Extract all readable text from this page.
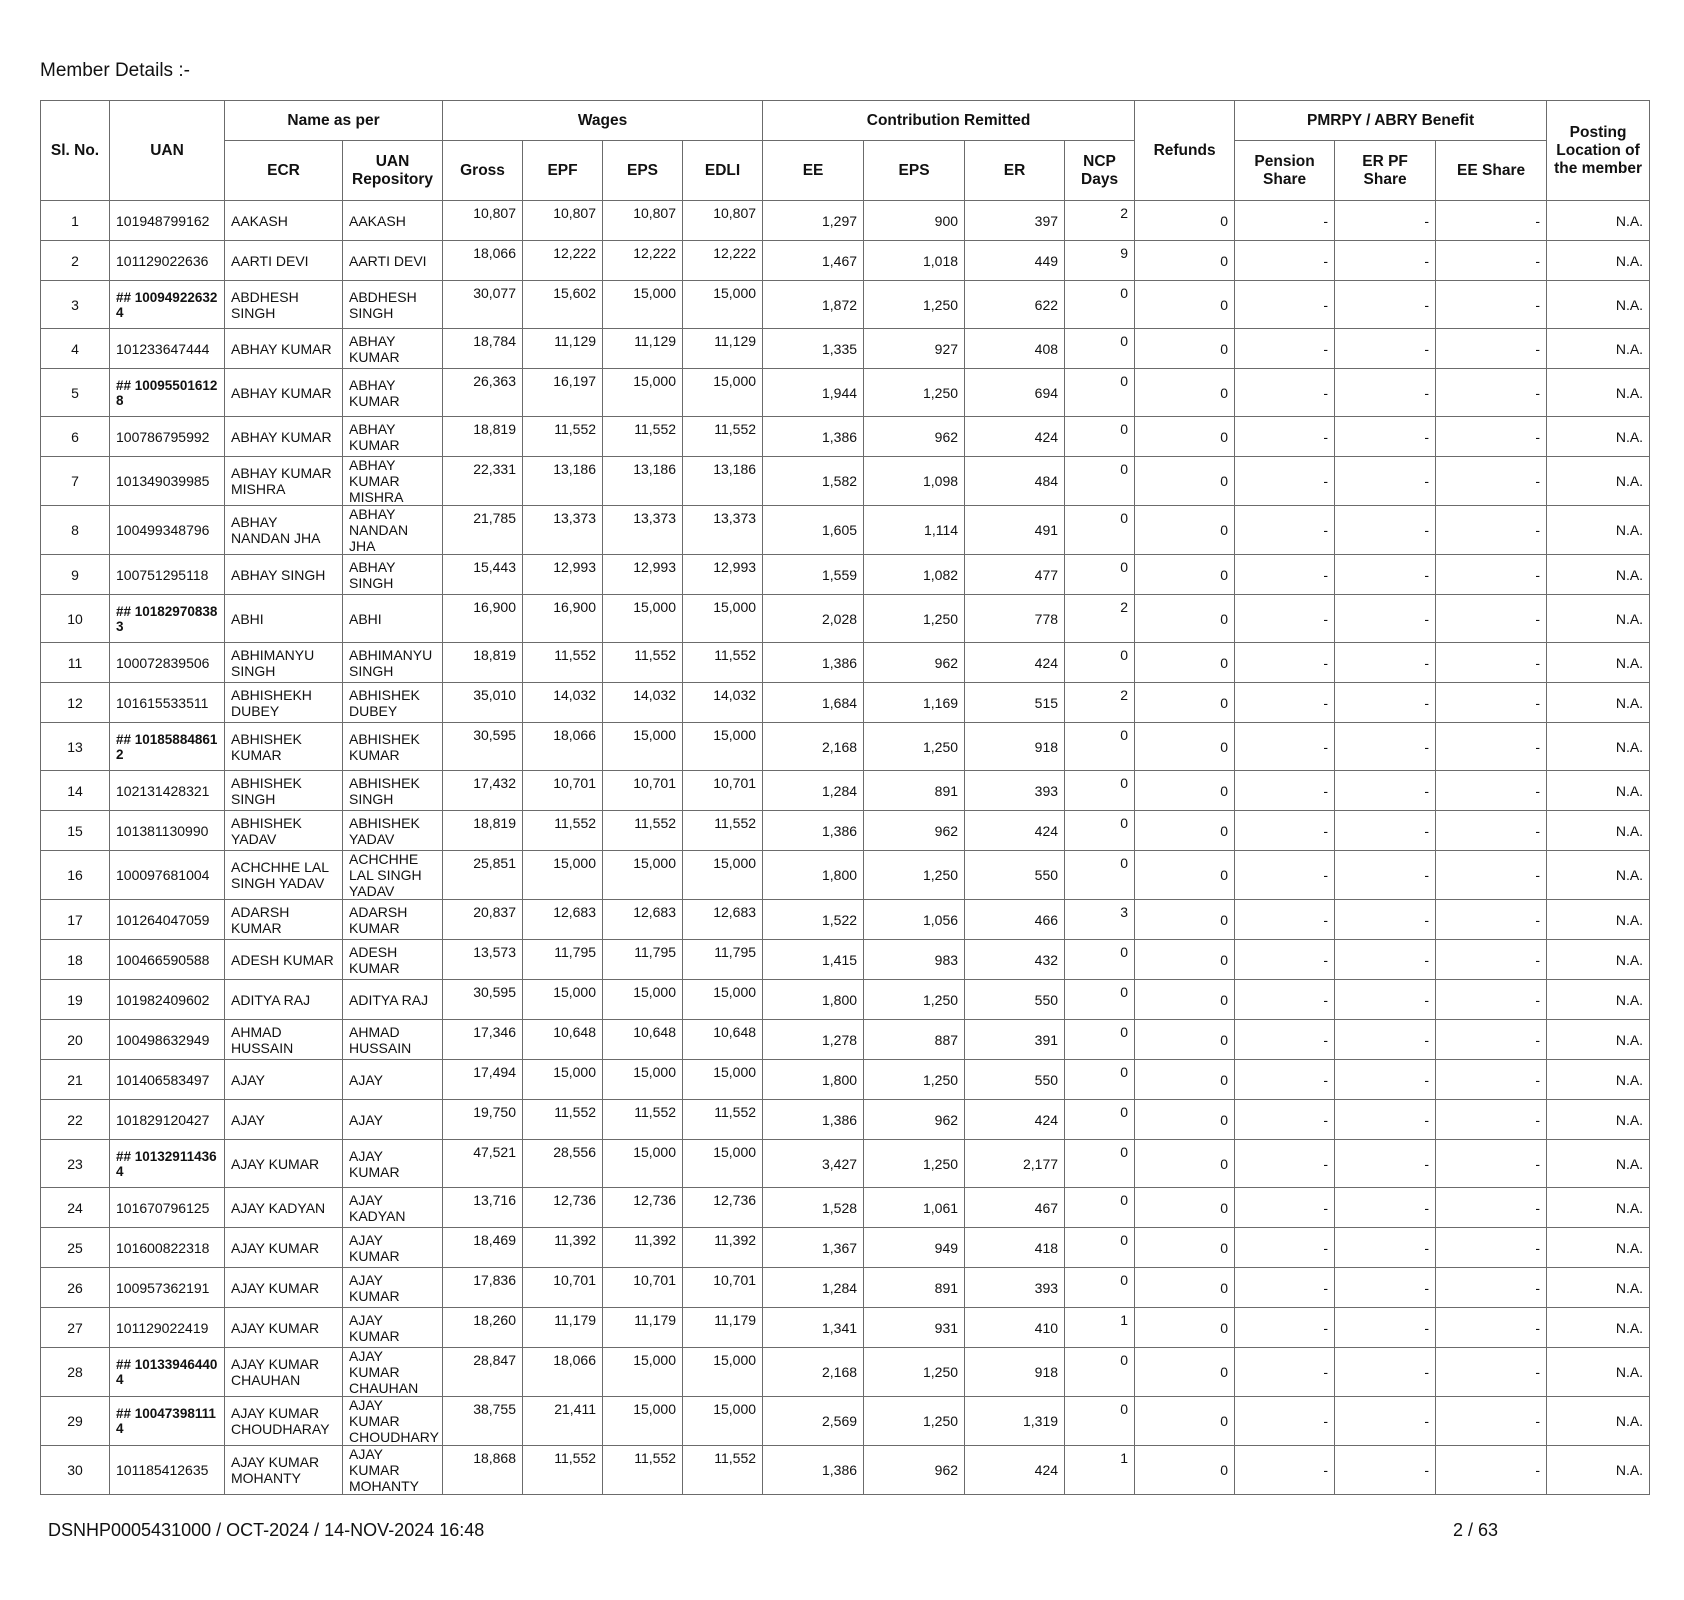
Member Details :-
Sl. No.	UAN	Name as per		Wages				Contribution Remitted				Refunds	PMRPY / ABRY Benefit			Posting Location of the member
		ECR	UAN Repository	Gross	EPF	EPS	EDLI	EE	EPS	ER	NCP Days		Pension Share	ER PF Share	EE Share	
1	101948799162	AAKASH	AAKASH	10,807	10,807	10,807	10,807	1,297	900	397	2	0	-	-	-	N.A.
2	101129022636	AARTI DEVI	AARTI DEVI	18,066	12,222	12,222	12,222	1,467	1,018	449	9	0	-	-	-	N.A.
3	## 10094922632 4	ABDHESH SINGH	ABDHESH SINGH	30,077	15,602	15,000	15,000	1,872	1,250	622	0	0	-	-	-	N.A.
4	101233647444	ABHAY KUMAR	ABHAY KUMAR	18,784	11,129	11,129	11,129	1,335	927	408	0	0	-	-	-	N.A.
5	## 10095501612 8	ABHAY KUMAR	ABHAY KUMAR	26,363	16,197	15,000	15,000	1,944	1,250	694	0	0	-	-	-	N.A.
6	100786795992	ABHAY KUMAR	ABHAY KUMAR	18,819	11,552	11,552	11,552	1,386	962	424	0	0	-	-	-	N.A.
7	101349039985	ABHAY KUMAR MISHRA	ABHAY KUMAR MISHRA	22,331	13,186	13,186	13,186	1,582	1,098	484	0	0	-	-	-	N.A.
8	100499348796	ABHAY NANDAN JHA	ABHAY NANDAN JHA	21,785	13,373	13,373	13,373	1,605	1,114	491	0	0	-	-	-	N.A.
9	100751295118	ABHAY SINGH	ABHAY SINGH	15,443	12,993	12,993	12,993	1,559	1,082	477	0	0	-	-	-	N.A.
10	## 10182970838 3	ABHI	ABHI	16,900	16,900	15,000	15,000	2,028	1,250	778	2	0	-	-	-	N.A.
11	100072839506	ABHIMANYU SINGH	ABHIMANYU SINGH	18,819	11,552	11,552	11,552	1,386	962	424	0	0	-	-	-	N.A.
12	101615533511	ABHISHEKH DUBEY	ABHISHEK DUBEY	35,010	14,032	14,032	14,032	1,684	1,169	515	2	0	-	-	-	N.A.
13	## 10185884861 2	ABHISHEK KUMAR	ABHISHEK KUMAR	30,595	18,066	15,000	15,000	2,168	1,250	918	0	0	-	-	-	N.A.
14	102131428321	ABHISHEK SINGH	ABHISHEK SINGH	17,432	10,701	10,701	10,701	1,284	891	393	0	0	-	-	-	N.A.
15	101381130990	ABHISHEK YADAV	ABHISHEK YADAV	18,819	11,552	11,552	11,552	1,386	962	424	0	0	-	-	-	N.A.
16	100097681004	ACHCHHE LAL SINGH YADAV	ACHCHHE LAL SINGH YADAV	25,851	15,000	15,000	15,000	1,800	1,250	550	0	0	-	-	-	N.A.
17	101264047059	ADARSH KUMAR	ADARSH KUMAR	20,837	12,683	12,683	12,683	1,522	1,056	466	3	0	-	-	-	N.A.
18	100466590588	ADESH KUMAR	ADESH KUMAR	13,573	11,795	11,795	11,795	1,415	983	432	0	0	-	-	-	N.A.
19	101982409602	ADITYA RAJ	ADITYA RAJ	30,595	15,000	15,000	15,000	1,800	1,250	550	0	0	-	-	-	N.A.
20	100498632949	AHMAD HUSSAIN	AHMAD HUSSAIN	17,346	10,648	10,648	10,648	1,278	887	391	0	0	-	-	-	N.A.
21	101406583497	AJAY	AJAY	17,494	15,000	15,000	15,000	1,800	1,250	550	0	0	-	-	-	N.A.
22	101829120427	AJAY	AJAY	19,750	11,552	11,552	11,552	1,386	962	424	0	0	-	-	-	N.A.
23	## 10132911436 4	AJAY KUMAR	AJAY KUMAR	47,521	28,556	15,000	15,000	3,427	1,250	2,177	0	0	-	-	-	N.A.
24	101670796125	AJAY KADYAN	AJAY KADYAN	13,716	12,736	12,736	12,736	1,528	1,061	467	0	0	-	-	-	N.A.
25	101600822318	AJAY KUMAR	AJAY KUMAR	18,469	11,392	11,392	11,392	1,367	949	418	0	0	-	-	-	N.A.
26	100957362191	AJAY KUMAR	AJAY KUMAR	17,836	10,701	10,701	10,701	1,284	891	393	0	0	-	-	-	N.A.
27	101129022419	AJAY KUMAR	AJAY KUMAR	18,260	11,179	11,179	11,179	1,341	931	410	1	0	-	-	-	N.A.
28	## 10133946440 4	AJAY KUMAR CHAUHAN	AJAY KUMAR CHAUHAN	28,847	18,066	15,000	15,000	2,168	1,250	918	0	0	-	-	-	N.A.
29	## 10047398111 4	AJAY KUMAR CHOUDHARAY	AJAY KUMAR CHOUDHARY	38,755	21,411	15,000	15,000	2,569	1,250	1,319	0	0	-	-	-	N.A.
30	101185412635	AJAY KUMAR MOHANTY	AJAY KUMAR MOHANTY	18,868	11,552	11,552	11,552	1,386	962	424	1	0	-	-	-	N.A.
DSNHP0005431000 / OCT-2024 / 14-NOV-2024 16:48	2 / 63
